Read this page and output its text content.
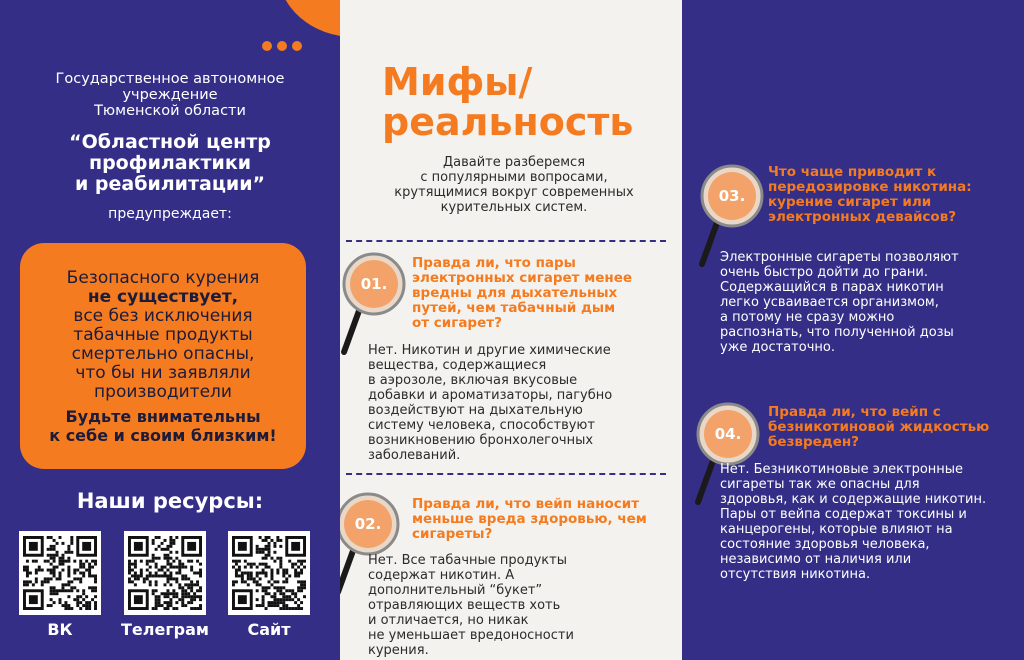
Государственное автономное
учреждение
Тюменской области
“Областной центр
профилактики
и реабилитации”
предупреждает:
Безопасного курения
не существует,
все без исключения
табачные продукты
смертельно опасны,
что бы ни заявляли
производители
Будьте внимательны
к себе и своим близким!
Наши ресурсы:
ВК	Телеграм	Сайт
Мифы/
реальность
Давайте разберемся
с популярными вопросами,
крутящимися вокруг современных
курительных систем.
01.
Правда ли, что пары
электронных сигарет менее
вредны для дыхательных
путей, чем табачный дым
от сигарет?
Нет. Никотин и другие химические
вещества, содержащиеся
в аэрозоле, включая вкусовые
добавки и ароматизаторы, пагубно
воздействуют на дыхательную
систему человека, способствуют
возникновению бронхолегочных
заболеваний.
02.
Правда ли, что вейп наносит
меньше вреда здоровью, чем
сигареты?
Нет. Все табачные продукты
содержат никотин. А
дополнительный “букет”
отравляющих веществ хоть
и отличается, но никак
не уменьшает вредоносности
курения.
03.
Что чаще приводит к
передозировке никотина:
курение сигарет или
электронных девайсов?
Электронные сигареты позволяют
очень быстро дойти до грани.
Содержащийся в парах никотин
легко усваивается организмом,
а потому не сразу можно
распознать, что полученной дозы
уже достаточно.
04.
Правда ли, что вейп с
безникотиновой жидкостью
безвреден?
Нет. Безникотиновые электронные
сигареты так же опасны для
здоровья, как и содержащие никотин.
Пары от вейпа содержат токсины и
канцерогены, которые влияют на
состояние здоровья человека,
независимо от наличия или
отсутствия никотина.
